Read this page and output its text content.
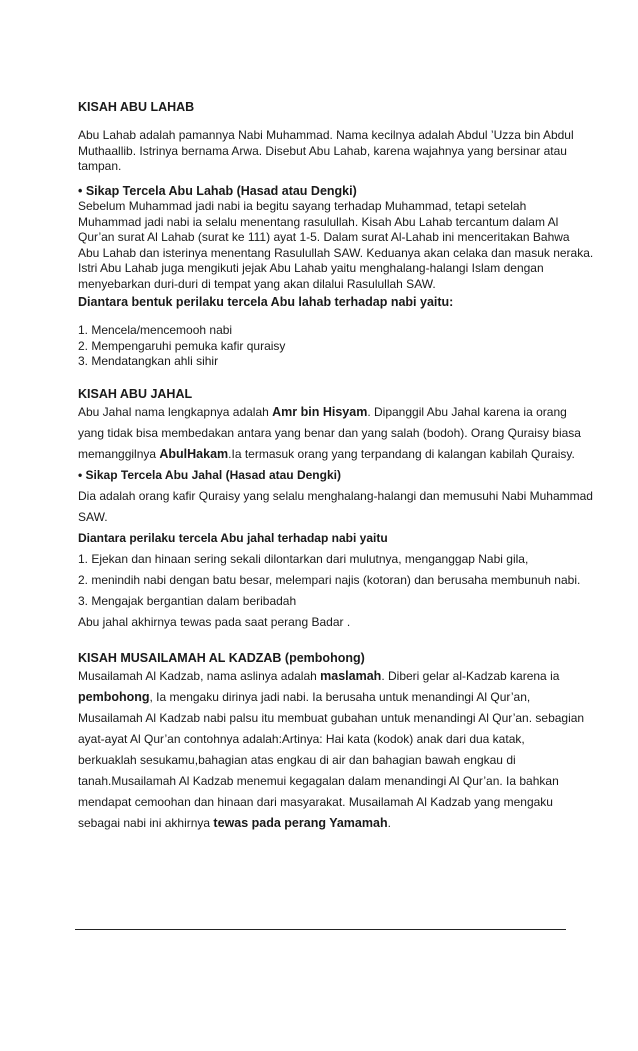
KISAH ABU LAHAB
Abu Lahab adalah pamannya Nabi Muhammad. Nama kecilnya adalah Abdul ’Uzza bin Abdul
Muthaallib. Istrinya bernama Arwa. Disebut Abu Lahab, karena wajahnya yang bersinar atau
tampan.
• Sikap Tercela Abu Lahab (Hasad atau Dengki)
Sebelum Muhammad jadi nabi ia begitu sayang terhadap Muhammad, tetapi setelah
Muhammad jadi nabi ia selalu menentang rasulullah. Kisah Abu Lahab tercantum dalam Al
Qur’an surat Al Lahab (surat ke 111) ayat 1-5. Dalam surat Al-Lahab ini menceritakan Bahwa
Abu Lahab dan isterinya menentang Rasulullah SAW. Keduanya akan celaka dan masuk neraka.
Istri Abu Lahab juga mengikuti jejak Abu Lahab yaitu menghalang-halangi Islam dengan
menyebarkan duri-duri di tempat yang akan dilalui Rasulullah SAW.
Diantara bentuk perilaku tercela Abu lahab terhadap nabi yaitu:
1. Mencela/mencemooh nabi
2. Mempengaruhi pemuka kafir quraisy
3. Mendatangkan ahli sihir
KISAH ABU JAHAL
Abu Jahal nama lengkapnya adalah Amr bin Hisyam. Dipanggil Abu Jahal karena ia orang
yang tidak bisa membedakan antara yang benar dan yang salah (bodoh). Orang Quraisy biasa
memanggilnya AbulHakam.Ia termasuk orang yang terpandang di kalangan kabilah Quraisy.
• Sikap Tercela Abu Jahal (Hasad atau Dengki)
Dia adalah orang kafir Quraisy yang selalu menghalang-halangi dan memusuhi Nabi Muhammad
SAW.
Diantara perilaku tercela Abu jahal terhadap nabi yaitu
1. Ejekan dan hinaan sering sekali dilontarkan dari mulutnya, menganggap Nabi gila,
2. menindih nabi dengan batu besar, melempari najis (kotoran) dan berusaha membunuh nabi.
3. Mengajak bergantian dalam beribadah
Abu jahal akhirnya tewas pada saat perang Badar .
KISAH MUSAILAMAH AL KADZAB (pembohong)
Musailamah Al Kadzab, nama aslinya adalah maslamah. Diberi gelar al-Kadzab karena ia
pembohong, Ia mengaku dirinya jadi nabi. Ia berusaha untuk menandingi Al Qur’an,
Musailamah Al Kadzab nabi palsu itu membuat gubahan untuk menandingi Al Qur’an. sebagian
ayat-ayat Al Qur’an contohnya adalah:Artinya: Hai kata (kodok) anak dari dua katak,
berkuaklah sesukamu,bahagian atas engkau di air dan bahagian bawah engkau di
tanah.Musailamah Al Kadzab menemui kegagalan dalam menandingi Al Qur’an. Ia bahkan
mendapat cemoohan dan hinaan dari masyarakat. Musailamah Al Kadzab yang mengaku
sebagai nabi ini akhirnya tewas pada perang Yamamah.
